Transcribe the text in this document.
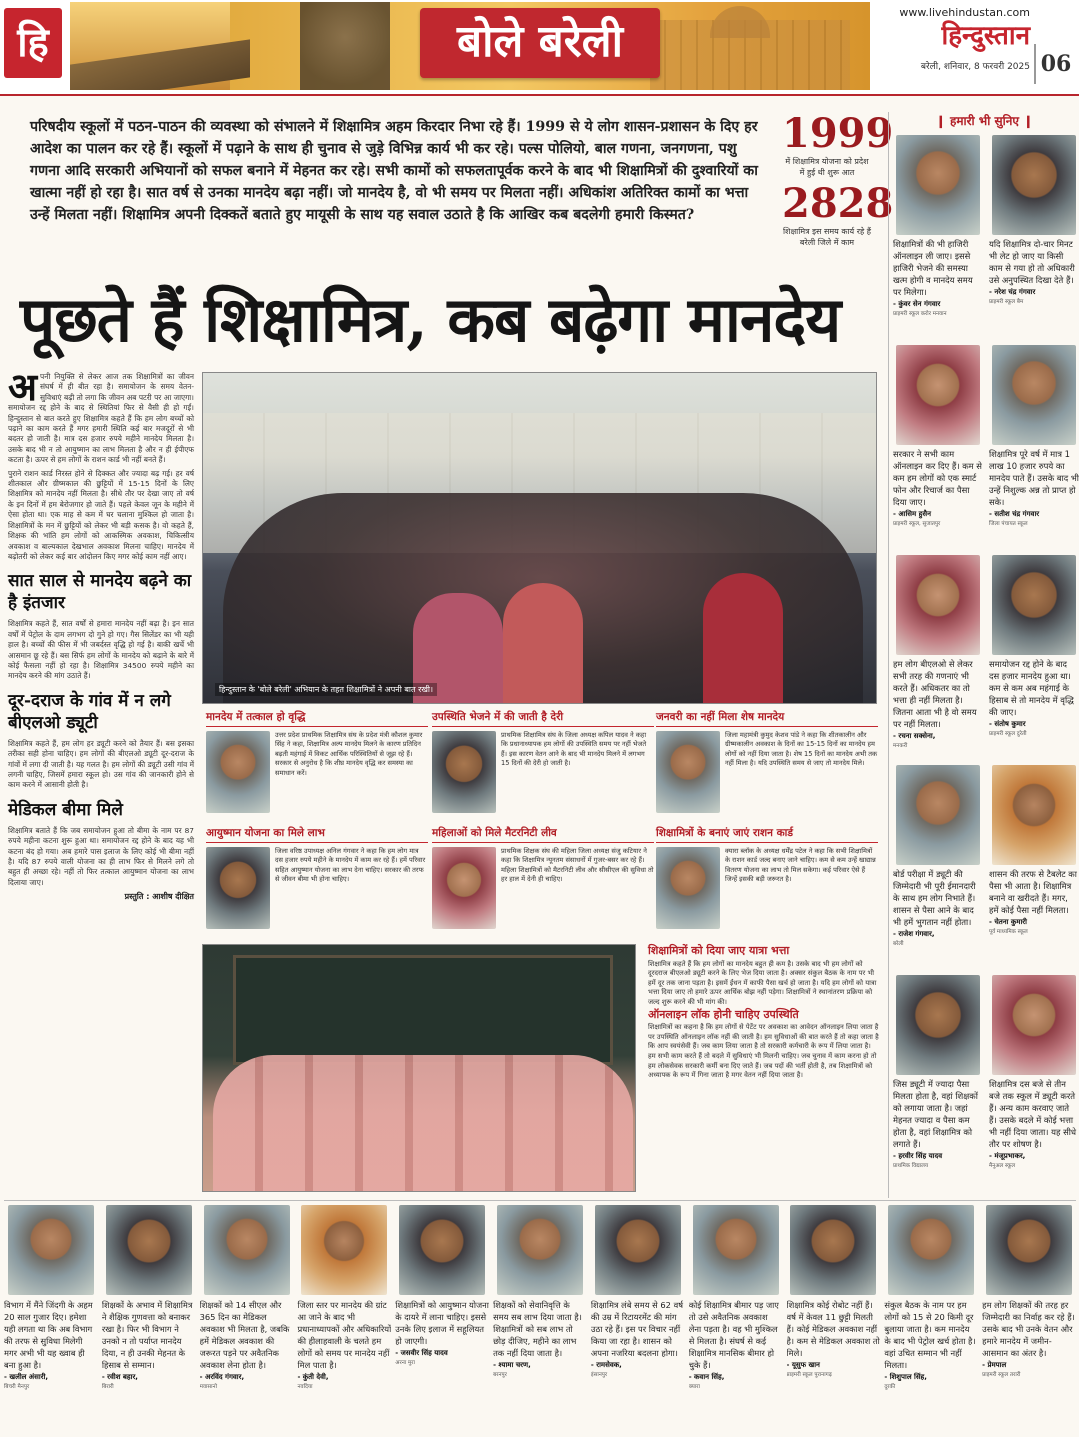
हि	बोले बरेली
www.livehindustan.com
हिन्दुस्तान
बरेली, शनिवार, 8 फरवरी 2025 06
परिषदीय स्कूलों में पठन-पाठन की व्यवस्था को संभालने में शिक्षामित्र अहम किरदार निभा रहे हैं। 1999 से ये लोग शासन-प्रशासन के दिए हर आदेश का पालन कर रहे हैं। स्कूलों में पढ़ाने के साथ ही चुनाव से जुड़े विभिन्न कार्य भी कर रहे। पल्स पोलियो, बाल गणना, जनगणना, पशु गणना आदि सरकारी अभियानों को सफल बनाने में मेहनत कर रहे। सभी कामों को सफलतापूर्वक करने के बाद भी शिक्षामित्रों की दुश्वारियों का खात्मा नहीं हो रहा है। सात वर्ष से उनका मानदेय बढ़ा नहीं। जो मानदेय है, वो भी समय पर मिलता नहीं। अधिकांश अतिरिक्त कामों का भत्ता उन्हें मिलता नहीं। शिक्षामित्र अपनी दिक्कतें बताते हुए मायूसी के साथ यह सवाल उठाते है कि आखिर कब बदलेगी हमारी किस्मत?
1999
में शिक्षामित्र योजना को प्रदेश में हुई थी शुरू आत
2828
शिक्षामित्र इस समय कार्य रहे हैं बरेली जिले में काम
पूछते हैं शिक्षामित्र, कब बढ़ेगा मानदेय

अपनी नियुक्ति से लेकर आज तक शिक्षामित्रों का जीवन संघर्ष में ही बीत रहा है। समायोजन के समय वेतन-सुविधाएं बढ़ी तो लगा कि जीवन अब पटरी पर आ जाएगा। समायोजन रद्द होने के बाद से स्थितियां फिर से वैसी ही हो गईं। हिन्दुस्तान से बात करते हुए शिक्षामित्र कहते हैं कि हम लोग बच्चों को पढ़ाने का काम करते हैं मगर हमारी स्थिति कई बार मजदूरों से भी बदतर हो जाती है। मात्र दस हजार रुपये महीने मानदेय मिलता है। उसके बाद भी न तो आयुष्मान का लाभ मिलता है और न ही ईपीएफ कटता है। ऊपर से हम लोगों के राशन कार्ड भी नहीं बनते हैं।

पुराने राशन कार्ड निरस्त होने से दिक्कत और ज्यादा बढ़ गई। हर वर्ष शीतकाल और ग्रीष्मकाल की छुट्टियों में 15-15 दिनों के लिए शिक्षामित्र को मानदेय नहीं मिलता है। सीधे तौर पर देखा जाए तो वर्ष के इन दिनों में हम बेरोजगार हो जाते हैं। पहले केवल जून के महीने में ऐसा होता था। एक माह से कम में घर चलाना मुश्किल हो जाता है। शिक्षामित्रों के मन में छुट्टियों को लेकर भी बड़ी कसक है। वो कहते हैं, शिक्षक की भांति हम लोगों को आकस्मिक अवकाश, चिकित्सीय अवकाश व बाल्यकाल देखभाल अवकाश मिलना चाहिए। मानदेय में बढ़ोतरी को लेकर कई बार आंदोलन किए मगर कोई काम नहीं आए।

सात साल से मानदेय बढ़ने का है इंतजार

शिक्षामित्र कहते हैं, सात वर्षों से हमारा मानदेय नहीं बढ़ा है। इन सात वर्षों में पेट्रोल के दाम लगभग दो गुने हो गए। गैस सिलेंडर का भी यही हाल है। बच्चों की फीस में भी जबर्दस्त वृद्धि हो गई है। बाकी खर्चे भी आसमान छू रहे हैं। बस सिर्फ हम लोगों के मानदेय को बढ़ाने के बारे में कोई फैसला नहीं हो रहा है। शिक्षामित्र 34500 रुपये महीने का मानदेय करने की मांग उठाते हैं।

दूर-दराज के गांव में न लगे बीएलओ ड्यूटी

शिक्षामित्र कहते हैं, हम लोग हर ड्यूटी करने को तैयार हैं। बस इसका तरीका सही होना चाहिए। हम लोगों की बीएलओ ड्यूटी दूर-दराज के गांवों में लगा दी जाती है। यह गलत है। हम लोगों की ड्यूटी उसी गांव में लगनी चाहिए, जिसमें हमारा स्कूल हो। उस गांव की जानकारी होने से काम करने में आसानी होती है।

मेडिकल बीमा मिले

शिक्षामित्र बताते हैं कि जब समायोजन हुआ तो बीमा के नाम पर 87 रुपये महीना कटना शुरू हुआ था। समायोजन रद्द होने के बाद यह भी कटना बंद हो गया। अब हमारे पास इलाज के लिए कोई भी बीमा नहीं है। यदि 87 रुपये वाली योजना का ही लाभ फिर से मिलने लगे तो बहुत ही अच्छा रहे। नहीं तो फिर तत्काल आयुष्मान योजना का लाभ दिलाया जाए।

प्रस्तुति : आशीष दीक्षित
हिन्दुस्तान के 'बोले बरेली' अभियान के तहत शिक्षामित्रों ने अपनी बात रखी।
मानदेय में तत्काल हो वृद्धि
उत्तर प्रदेश प्राथमिक शिक्षामित्र संघ के प्रदेश मंत्री कौशल कुमार सिंह ने कहा, शिक्षामित्र अल्प मानदेय मिलने के कारण प्रतिदिन बढ़ती महंगाई में विकट आर्थिक परिस्थितियों से जूझ रहे हैं। सरकार से अनुरोध है कि शीघ्र मानदेय वृद्धि कर समस्या का समाधान करें।
उपस्थिति भेजने में की जाती है देरी
प्राथमिक शिक्षामित्र संघ के जिला अध्यक्ष कपिल यादव ने कहा कि प्रधानाध्यापक हम लोगों की उपस्थिति समय पर नहीं भेजते हैं। इस कारण वेतन आने के बाद भी मानदेय मिलने में लगभग 15 दिनों की देरी हो जाती है।
जनवरी का नहीं मिला शेष मानदेय
जिला महामंत्री कुमुद केशव पांडे ने कहा कि शीतकालीन और ग्रीष्मकालीन अवकाश के दिनों का 15-15 दिनों का मानदेय हम लोगों को नहीं दिया जाता है। शेष 15 दिनों का मानदेय अभी तक नहीं मिला है। यदि उपस्थिति समय से जाए तो मानदेय मिले।
आयुष्मान योजना का मिले लाभ
जिला वरिष्ठ उपाध्यक्ष अनिल गंगवार ने कहा कि हम लोग मात्र दस हजार रुपये महीने के मानदेय में काम कर रहे हैं। हमें परिवार सहित आयुष्मान योजना का लाभ देना चाहिए। सरकार की तरफ से जीवन बीमा भी होना चाहिए।
महिलाओं को मिले मैटरनिटी लीव
प्राथमिक शिक्षक संघ की महिला जिला अध्यक्ष संजु कटियार ने कहा कि शिक्षामित्र न्यूनतम संसाधनों में गुजर-बसर कर रहे हैं। महिला शिक्षामित्रों को मैटरनिटी लीव और सीसीएल की सुविधा तो हर हाल में देनी ही चाहिए।
शिक्षामित्रों के बनाएं जाएं राशन कार्ड
क्यारा ब्लॉक के अध्यक्ष धर्मेंद्र पटेल ने कहा कि सभी शिक्षामित्रों के राशन कार्ड जल्द बनाए जाने चाहिए। कम से कम उन्हें खाद्यान्न वितरण योजना का लाभ तो मिल सकेगा। कई परिवार ऐसे हैं जिन्हें इसकी बड़ी जरूरत है।
शिक्षामित्रों को दिया जाए यात्रा भत्ता

शिक्षामित्र कहते हैं कि हम लोगों का मानदेय बहुत ही कम है। उसके बाद भी हम लोगों को दूरदराज बीएलओ ड्यूटी करने के लिए भेज दिया जाता है। अक्सर संकुल बैठक के नाम पर भी हमें दूर तक जाना पड़ता है। इसमें ईंधन में काफी पैसा खर्च हो जाता है। यदि हम लोगों को यात्रा भत्ता दिया जाए तो हमारे ऊपर आर्थिक बोझ नहीं पड़ेगा। शिक्षामित्रों ने स्थानांतरण प्रक्रिया को जल्द शुरू करने की भी मांग की।

ऑनलाइन लॉक होनी चाहिए उपस्थिति

शिक्षामित्रों का कहना है कि हम लोगों से पेटेंट पर अवकाश का आवेदन ऑनलाइन लिया जाता है पर उपस्थिति ऑनलाइन लॉक नहीं की जाती है। हम सुविधाओं की बात करते हैं तो कहा जाता है कि आप स्वयंसेवी हैं। जब काम लिया जाता है तो सरकारी कर्मचारी के रूप में लिया जाता है। हम सभी काम करते हैं तो बदले में सुविधाएं भी मिलनी चाहिए। जब चुनाव में काम करना हो तो हम लोकसेवक सरकारी कर्मी बना दिए जाते हैं। जब पदों की भर्ती होती है, तब शिक्षामित्रों को अध्यापक के रूप में गिना जाता है मगर वेतन नहीं दिया जाता है।

❙ हमारी भी सुनिए ❙
शिक्षामित्रों की भी हाजिरी ऑनलाइन ली जाए। इससे हाजिरी भेजने की समस्या खत्म होगी व मानदेय समय पर मिलेगा।
- कुंवर सेन गंगवार
प्राइमरी स्कूल करोर मनवान
यदि शिक्षामित्र दो-चार मिनट भी लेट हो जाए या किसी काम से गया हो तो अधिकारी उसे अनुपस्थित दिखा देते हैं।
- नरेश चंद्र गंगवार
प्राइमरी स्कूल बैम
सरकार ने सभी काम ऑनलाइन कर दिए हैं। कम से कम हम लोगों को एक स्मार्ट फोन और रिचार्ज का पैसा दिया जाए।
- आसिम हुसैन
प्राइमरी स्कूल, सुजातपुर
शिक्षामित्र पूरे वर्ष में मात्र 1 लाख 10 हजार रुपये का मानदेय पाते हैं। उसके बाद भी उन्हें निशुल्क अन्न तो प्राप्त हो सके।
- सतीश चंद्र गंगवार
जिला पंचायत स्कूल
हम लोग बीएलओ से लेकर सभी तरह की गणनाएं भी करते हैं। अधिकतर का तो भत्ता ही नहीं मिलता है। जितना आता भी है वो समय पर नहीं मिलता।
- रचना सक्सेना,
मनकरी
समायोजन रद्द होने के बाद दस हजार मानदेय हुआ था। कम से कम अब महंगाई के हिसाब से तो मानदेय में वृद्धि की जाए।
- संतोष कुमार
प्राइमरी स्कूल दुरेती
बोर्ड परीक्षा में ड्यूटी की जिम्मेदारी भी पूरी ईमानदारी के साथ हम लोग निभाते हैं। शासन से पैसा आने के बाद भी हमें भुगतान नहीं होता।
- राजेश गंगवार,
बरेली
शासन की तरफ से टैबलेट का पैसा भी आता है। शिक्षामित्र बनाने वा खरीदते हैं। मगर, हमें कोई पैसा नहीं मिलता।
- चेतना कुमारी
पूर्व माध्यमिक स्कूल
जिस ड्यूटी में ज्यादा पैसा मिलता होता है, वहां शिक्षकों को लगाया जाता है। जहां मेहनत ज्यादा व पैसा कम होता है, वहां शिक्षामित्र को लगाते हैं।
- हरवीर सिंह यादव
प्राथमिक विद्यालय
शिक्षामित्र दस बजे से तीन बजे तक स्कूल में ड्यूटी करते हैं। अन्य काम करवाए जाते हैं। उसके बदले में कोई भत्ता भी नहीं दिया जाता। यह सीधे तौर पर शोषण है।
- मंजूप्रभाकर,
मैनुअल स्कूल
विभाग में मैंने जिंदगी के अहम 20 साल गुजार दिए। हमेशा यही लगता था कि अब विभाग की तरफ से सुविधा मिलेगी मगर अभी भी यह ख्वाब ही बना हुआ है।
- खलील अंसारी,
बिचरी मैनपुर
शिक्षकों के अभाव में शिक्षामित्र ने शैक्षिक गुणवत्ता को बनाकर रखा है। फिर भी विभाग ने उनको न तो पर्याप्त मानदेय दिया, न ही उनकी मेहनत के हिसाब से सम्मान।
- रवीश बहार,
बिरारी
शिक्षकों को 14 सीएल और 365 दिन का मेडिकल अवकाश भी मिलता है, जबकि हमें मेडिकल अवकाश की जरूरत पड़ने पर अवैतनिक अवकाश लेना होता है।
- अरविंद गंगवार,
मवासानो
जिला स्तर पर मानदेय की ग्रांट आ जाने के बाद भी प्रधानाध्यापकों और अधिकारियों की हीलाहवाली के चलते हम लोगों को समय पर मानदेय नहीं मिल पाता है।
- कुंती देवी,
नवदिया
शिक्षामित्रों को आयुष्मान योजना के दायरे में लाना चाहिए। इससे उनके लिए इलाज में सहूलियत हो जाएगी।
- जसवीर सिंह यादव
अरना मुरा
शिक्षकों को सेवानिवृत्ति के समय सब लाभ दिया जाता है। शिक्षामित्रों को सब लाभ तो छोड़ दीजिए, महीने का लाभ तक नहीं दिया जाता है।
- श्यामा चरण,
बरनपुर
शिक्षामित्र लंबे समय से 62 वर्ष की उम्र में रिटायरमेंट की मांग उठा रहे हैं। इस पर विचार नहीं किया जा रहा है। शासन को अपना नजरिया बदलना होगा।
- रामसेवक,
इंसानपुर
कोई शिक्षामित्र बीमार पड़ जाए तो उसे अवैतनिक अवकाश लेना पड़ता है। वह भी मुश्किल से मिलता है। संघर्ष से कई शिक्षामित्र मानसिक बीमार हो चुके हैं।
- कवान सिंह,
क्यारा
शिक्षामित्र कोई रोबोट नहीं हैं। वर्ष में केवल 11 छुट्टी मिलती हैं। कोई मेडिकल अवकाश नहीं है। कम से मेडिकल अवकाश तो मिले।
- यूसुफ खान
प्राइमरी स्कूल पुरानागढ़
संकुल बैठक के नाम पर हम लोगों को 15 से 20 किमी दूर बुलाया जाता है। कम मानदेय के बाद भी पेट्रोल खर्च होता है। वहां उचित सम्मान भी नहीं मिलता।
- शिशुपाल सिंह,
दुरकी
हम लोग शिक्षकों की तरह हर जिम्मेदारी का निर्वाह कर रहे हैं। उसके बाद भी उनके वेतन और हमारे मानदेय में जमीन-आसमान का अंतर है।
- प्रेमपाल
प्राइमरी स्कूल तरारी
